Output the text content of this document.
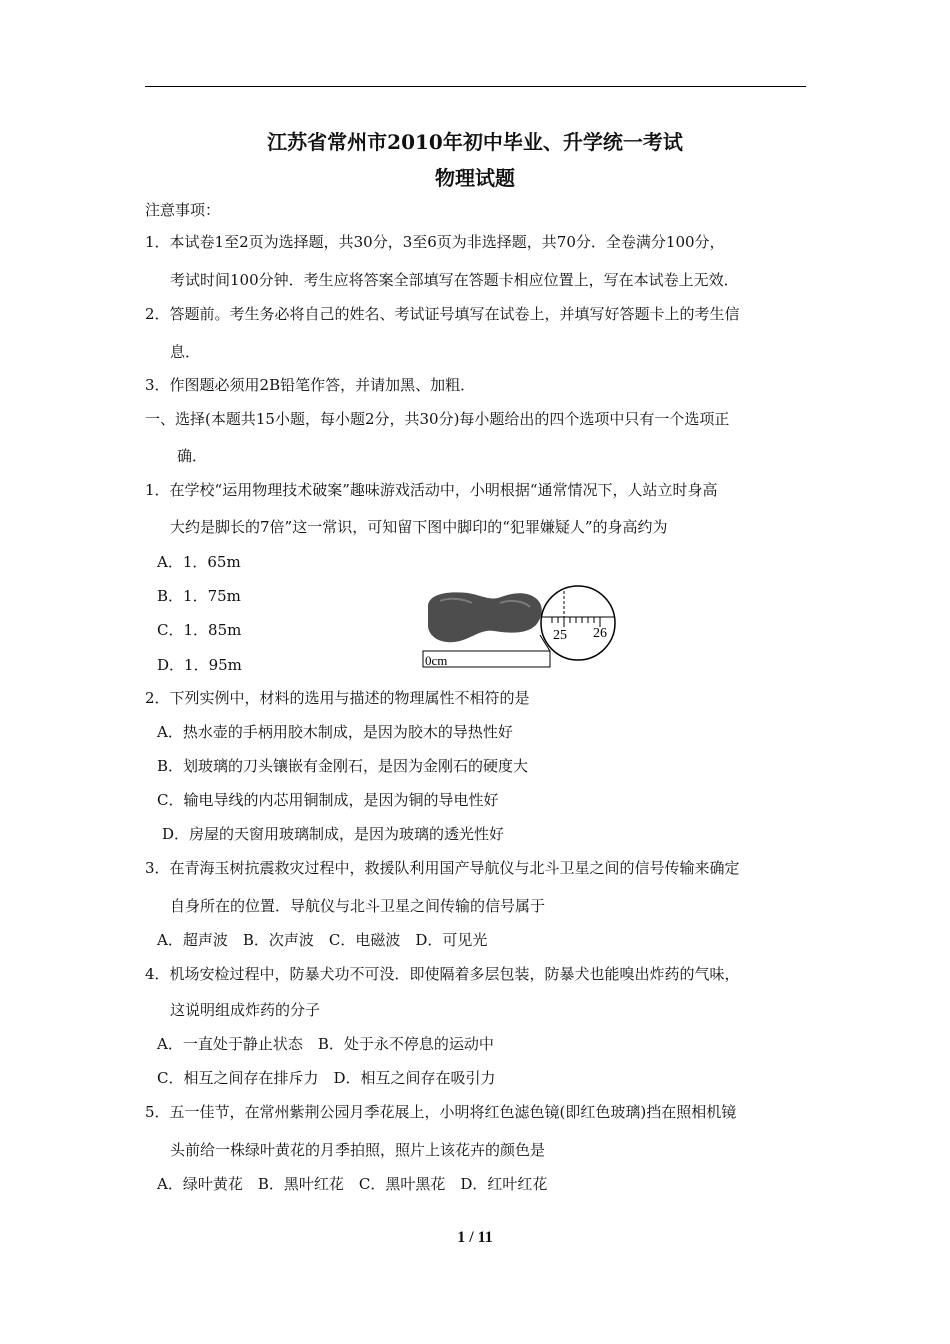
江苏省常州市2010年初中毕业、升学统一考试
物理试题
注意事项：
1．本试卷1至2页为选择题，共30分，3至6页为非选择题，共70分．全卷满分100分，
考试时间100分钟．考生应将答案全部填写在答题卡相应位置上，写在本试卷上无效．
2．答题前。考生务必将自己的姓名、考试证号填写在试卷上，并填写好答题卡上的考生信
息．
3．作图题必须用2B铅笔作答，并请加黑、加粗．
一、选择(本题共15小题，每小题2分，共30分)每小题给出的四个选项中只有一个选项正
确．
1．在学校“运用物理技术破案”趣味游戏活动中，小明根据“通常情况下，人站立时身高
大约是脚长的7倍”这一常识，可知留下图中脚印的“犯罪嫌疑人”的身高约为
A．1．65m
B．1．75m
C．1．85m
D．1．95m	0cm
25 26
2．下列实例中，材料的选用与描述的物理属性不相符的是
A．热水壶的手柄用胶木制成，是因为胶木的导热性好
B．划玻璃的刀头镶嵌有金刚石，是因为金刚石的硬度大
C．输电导线的内芯用铜制成，是因为铜的导电性好
D．房屋的天窗用玻璃制成，是因为玻璃的透光性好
3．在青海玉树抗震救灾过程中，救援队利用国产导航仪与北斗卫星之间的信号传输来确定
自身所在的位置．导航仪与北斗卫星之间传输的信号属于
A．超声波　B．次声波　C．电磁波　D．可见光
4．机场安检过程中，防暴犬功不可没．即使隔着多层包装，防暴犬也能嗅出炸药的气味，
这说明组成炸药的分子
A．一直处于静止状态　B．处于永不停息的运动中
C．相互之间存在排斥力　D．相互之间存在吸引力
5．五一佳节，在常州紫荆公园月季花展上，小明将红色滤色镜(即红色玻璃)挡在照相机镜
头前给一株绿叶黄花的月季拍照，照片上该花卉的颜色是
A．绿叶黄花　B．黑叶红花　C．黑叶黑花　D．红叶红花
1 / 11
